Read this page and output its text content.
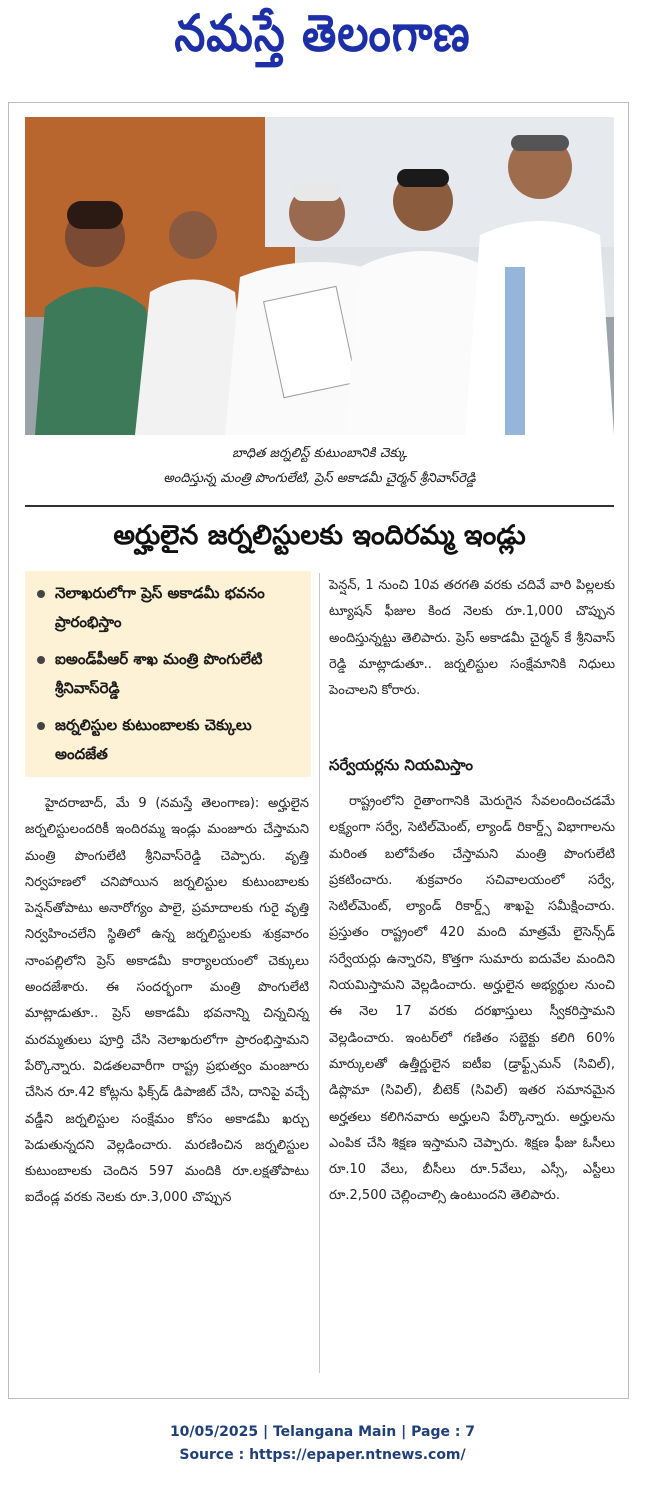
నమస్తే తెలంగాణ
బాధిత జర్నలిస్ట్ కుటుంబానికి చెక్కు
అందిస్తున్న మంత్రి పొంగులేటి, ప్రెస్ అకాడమీ చైర్మన్ శ్రీనివాస్‌రెడ్డి
అర్హులైన జర్నలిస్టులకు ఇందిరమ్మ ఇండ్లు
నెలాఖరులోగా ప్రెస్ అకాడమీ భవనం ప్రారంభిస్తాం
ఐఅండ్‌పీఆర్ శాఖ మంత్రి పొంగులేటి శ్రీనివాస్‌రెడ్డి
జర్నలిస్టుల కుటుంబాలకు చెక్కులు అందజేత

హైదరాబాద్, మే 9 (నమస్తే తెలంగాణ): అర్హులైన జర్నలిస్టులందరికీ ఇందిరమ్మ ఇండ్లు మంజూరు చేస్తామని మంత్రి పొంగులేటి శ్రీనివాస్‌రెడ్డి చెప్పారు. వృత్తి నిర్వహణలో చనిపోయిన జర్నలిస్టుల కుటుంబాలకు పెన్షన్‌తోపాటు అనారోగ్యం పాలై, ప్రమాదాలకు గురై వృత్తి నిర్వహించలేని స్థితిలో ఉన్న జర్నలిస్టులకు శుక్రవారం నాంపల్లిలోని ప్రెస్ అకాడమీ కార్యాలయంలో చెక్కులు అందజేశారు. ఈ సందర్భంగా మంత్రి పొంగులేటి మాట్లాడుతూ.. ప్రెస్ అకాడమీ భవనాన్ని చిన్నచిన్న మరమ్మతులు పూర్తి చేసి నెలాఖరులోగా ప్రారంభిస్తామని పేర్కొన్నారు. విడతలవారీగా రాష్ట్ర ప్రభుత్వం మంజూరు చేసిన రూ.42 కోట్లను ఫిక్స్‌డ్ డిపాజిట్ చేసి, దానిపై వచ్చే వడ్డీని జర్నలిస్టుల సంక్షేమం కోసం అకాడమీ ఖర్చు పెడుతున్నదని వెల్లడించారు. మరణించిన జర్నలిస్టుల కుటుంబాలకు చెందిన 597 మందికి రూ.లక్షతోపాటు ఐదేండ్ల వరకు నెలకు రూ.3,000 చొప్పున

పెన్షన్, 1 నుంచి 10వ తరగతి వరకు చదివే వారి పిల్లలకు ట్యూషన్ ఫీజుల కింద నెలకు రూ.1,000 చొప్పున అందిస్తున్నట్టు తెలిపారు. ప్రెస్ అకాడమీ చైర్మన్ కే శ్రీనివాస్ రెడ్డి మాట్లాడుతూ.. జర్నలిస్టుల సంక్షేమానికి నిధులు పెంచాలని కోరారు.

సర్వేయర్లను నియమిస్తాం

రాష్ట్రంలోని రైతాంగానికి మెరుగైన సేవలందించడమే లక్ష్యంగా సర్వే, సెటిల్‌మెంట్, ల్యాండ్ రికార్డ్స్ విభాగాలను మరింత బలోపేతం చేస్తామని మంత్రి పొంగులేటి ప్రకటించారు. శుక్రవారం సచివాలయంలో సర్వే, సెటిల్‌మెంట్, ల్యాండ్ రికార్డ్స్ శాఖపై సమీక్షించారు. ప్రస్తుతం రాష్ట్రంలో 420 మంది మాత్రమే లైసెన్స్‌డ్ సర్వేయర్లు ఉన్నారని, కొత్తగా సుమారు ఐదువేల మందిని నియమిస్తామని వెల్లడించారు. అర్హులైన అభ్యర్థుల నుంచి ఈ నెల 17 వరకు దరఖాస్తులు స్వీకరిస్తామని వెల్లడించారు. ఇంటర్‌లో గణితం సబ్జెక్టు కలిగి 60% మార్కులతో ఉత్తీర్ణులైన ఐటీఐ (డ్రాఫ్ట్స్‌మన్ (సివిల్), డిప్లొమా (సివిల్), బీటెక్ (సివిల్) ఇతర సమానమైన అర్హతలు కలిగినవారు అర్హులని పేర్కొన్నారు. అర్హులను ఎంపిక చేసి శిక్షణ ఇస్తామని చెప్పారు. శిక్షణ ఫీజు ఓసీలు రూ.10 వేలు, బీసీలు రూ.5వేలు, ఎస్సీ, ఎస్టీలు రూ.2,500 చెల్లించాల్సి ఉంటుందని తెలిపారు.

10/05/2025 | Telangana Main | Page : 7
Source : https://epaper.ntnews.com/
